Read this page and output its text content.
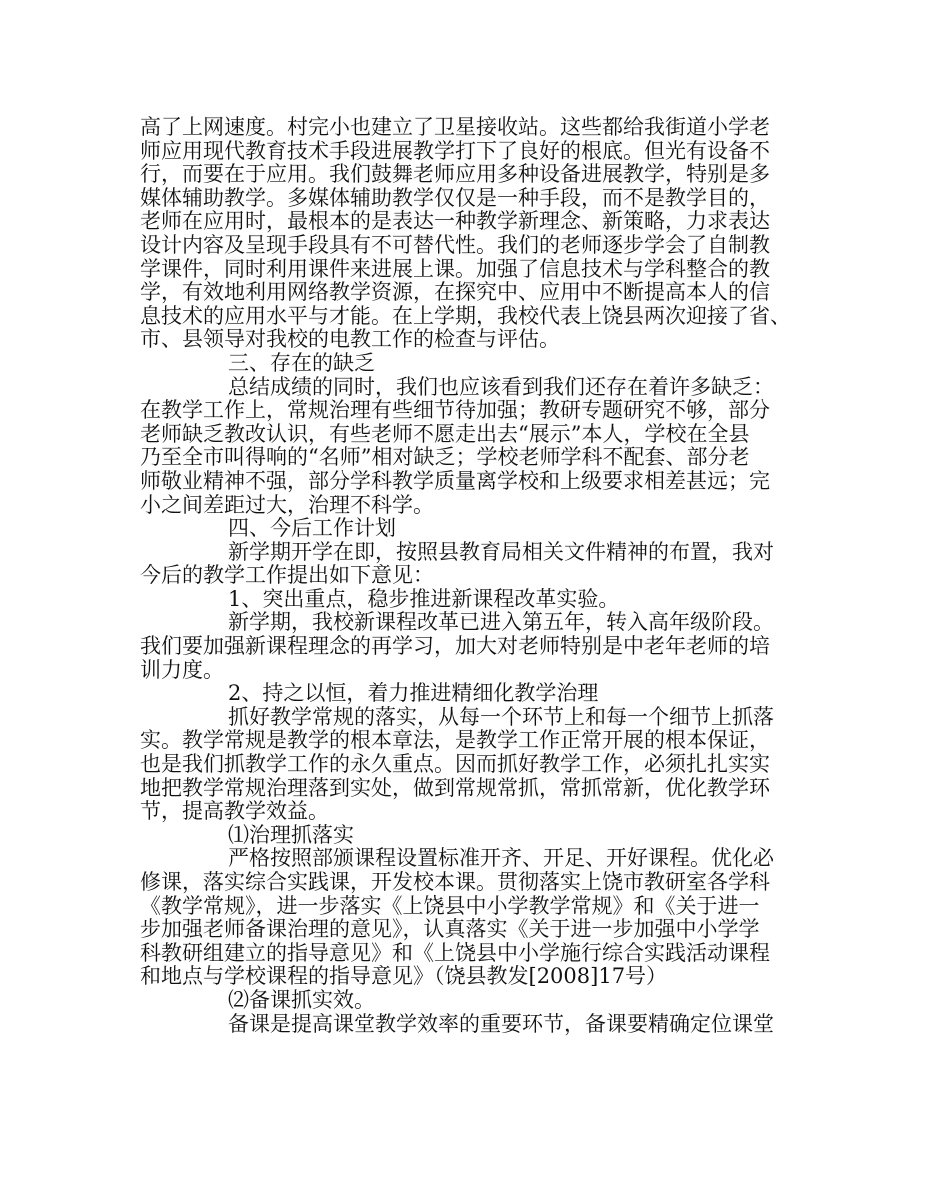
高了上网速度。村完小也建立了卫星接收站。这些都给我街道小学老
师应用现代教育技术手段进展教学打下了良好的根底。但光有设备不
行，而要在于应用。我们鼓舞老师应用多种设备进展教学，特别是多
媒体辅助教学。多媒体辅助教学仅仅是一种手段，而不是教学目的，
老师在应用时，最根本的是表达一种教学新理念、新策略，力求表达
设计内容及呈现手段具有不可替代性。我们的老师逐步学会了自制教
学课件，同时利用课件来进展上课。加强了信息技术与学科整合的教
学，有效地利用网络教学资源，在探究中、应用中不断提高本人的信
息技术的应用水平与才能。在上学期，我校代表上饶县两次迎接了省、
市、县领导对我校的电教工作的检查与评估。
三、存在的缺乏
总结成绩的同时，我们也应该看到我们还存在着许多缺乏：
在教学工作上，常规治理有些细节待加强；教研专题研究不够，部分
老师缺乏教改认识，有些老师不愿走出去“展示”本人，学校在全县
乃至全市叫得响的“名师”相对缺乏；学校老师学科不配套、部分老
师敬业精神不强，部分学科教学质量离学校和上级要求相差甚远；完
小之间差距过大，治理不科学。
四、今后工作计划
新学期开学在即，按照县教育局相关文件精神的布置，我对
今后的教学工作提出如下意见：
1、突出重点，稳步推进新课程改革实验。
新学期，我校新课程改革已进入第五年，转入高年级阶段。
我们要加强新课程理念的再学习，加大对老师特别是中老年老师的培
训力度。
2、持之以恒，着力推进精细化教学治理
抓好教学常规的落实，从每一个环节上和每一个细节上抓落
实。教学常规是教学的根本章法，是教学工作正常开展的根本保证，
也是我们抓教学工作的永久重点。因而抓好教学工作，必须扎扎实实
地把教学常规治理落到实处，做到常规常抓，常抓常新，优化教学环
节，提高教学效益。
⑴治理抓落实
严格按照部颁课程设置标准开齐、开足、开好课程。优化必
修课，落实综合实践课，开发校本课。贯彻落实上饶市教研室各学科
《教学常规》，进一步落实《上饶县中小学教学常规》和《关于进一
步加强老师备课治理的意见》，认真落实《关于进一步加强中小学学
科教研组建立的指导意见》和《上饶县中小学施行综合实践活动课程
和地点与学校课程的指导意见》（饶县教发[2008]17号）
⑵备课抓实效。
备课是提高课堂教学效率的重要环节，备课要精确定位课堂
